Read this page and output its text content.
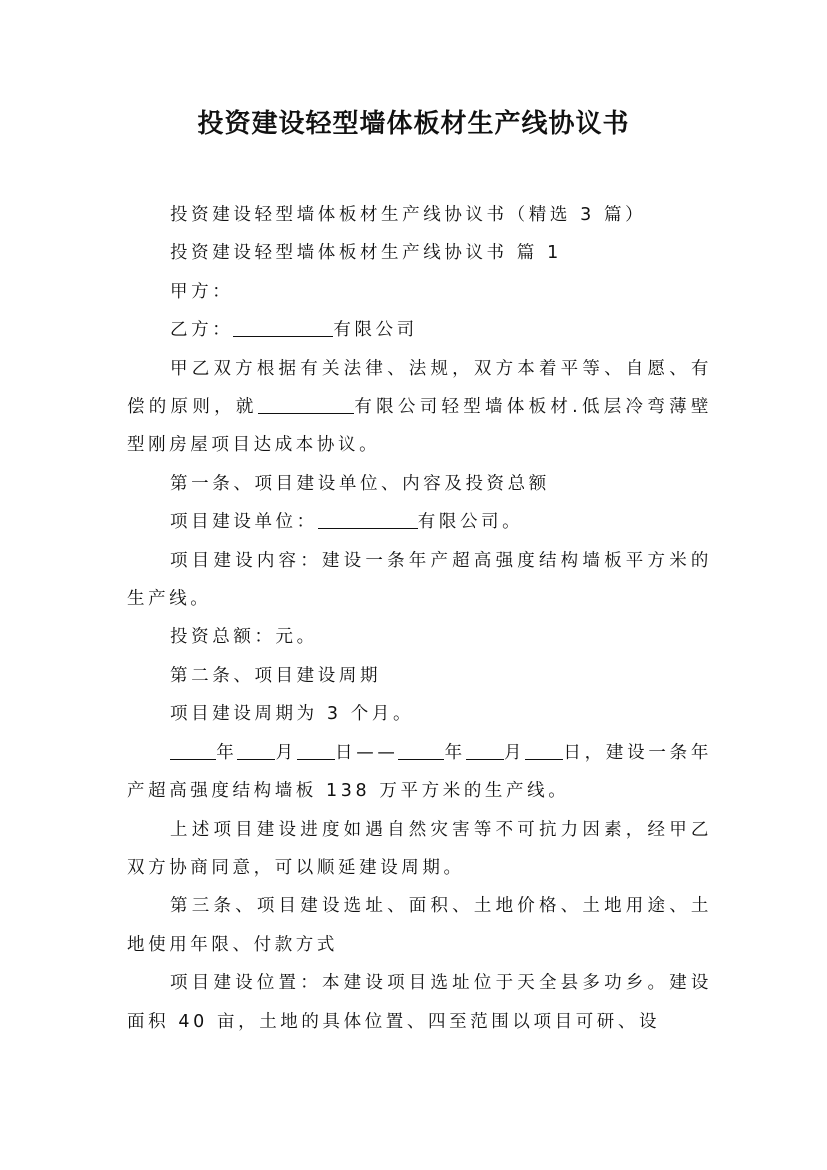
投资建设轻型墙体板材生产线协议书

投资建设轻型墙体板材生产线协议书（精选 3 篇）

投资建设轻型墙体板材生产线协议书 篇 1

甲方：

乙方：	有限公司

甲乙双方根据有关法律、法规，双方本着平等、自愿、有偿的原则，就	有限公司轻型墙体板材.低层冷弯薄壁型刚房屋项目达成本协议。

第一条、项目建设单位、内容及投资总额

项目建设单位：	有限公司。

项目建设内容：建设一条年产超高强度结构墙板平方米的生产线。

投资总额：元。

第二条、项目建设周期

项目建设周期为 3 个月。

年 月 日——	年 月 日，建设一条年产超高强度结构墙板 138 万平方米的生产线。

上述项目建设进度如遇自然灾害等不可抗力因素，经甲乙双方协商同意，可以顺延建设周期。

第三条、项目建设选址、面积、土地价格、土地用途、土地使用年限、付款方式

项目建设位置：本建设项目选址位于天全县多功乡。建设面积 40 亩，土地的具体位置、四至范围以项目可研、设
